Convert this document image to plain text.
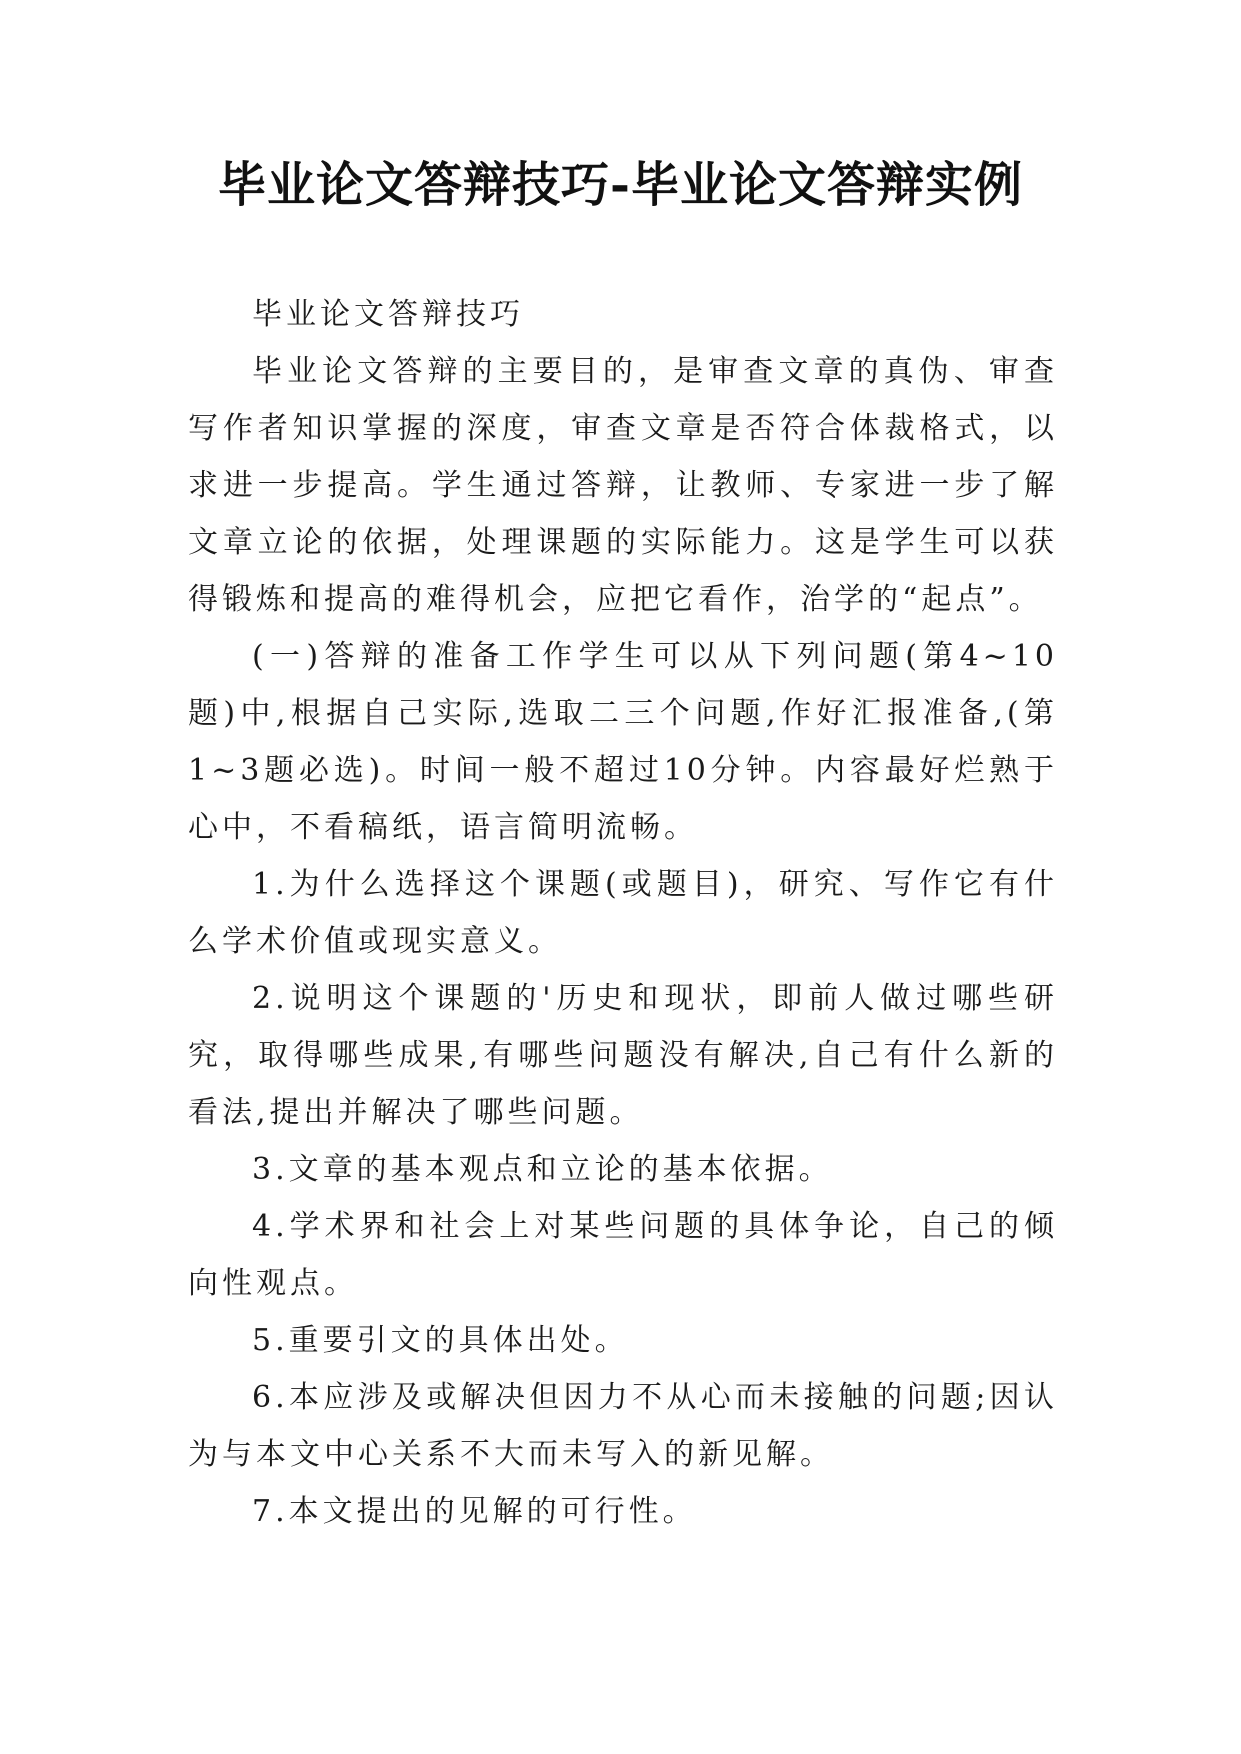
毕业论文答辩技巧-毕业论文答辩实例

毕业论文答辩技巧

毕业论文答辩的主要目的，是审查文章的真伪、审查写作者知识掌握的深度，审查文章是否符合体裁格式，以求进一步提高。学生通过答辩，让教师、专家进一步了解文章立论的依据，处理课题的实际能力。这是学生可以获得锻炼和提高的难得机会，应把它看作，治学的“起点”。

(一)答辩的准备工作学生可以从下列问题(第4~10题)中,根据自己实际,选取二三个问题,作好汇报准备,(第1~3题必选)。时间一般不超过10分钟。内容最好烂熟于心中，不看稿纸，语言简明流畅。

1.为什么选择这个课题(或题目)，研究、写作它有什么学术价值或现实意义。

2.说明这个课题的'历史和现状，即前人做过哪些研究，取得哪些成果,有哪些问题没有解决,自己有什么新的看法,提出并解决了哪些问题。

3.文章的基本观点和立论的基本依据。

4.学术界和社会上对某些问题的具体争论，自己的倾向性观点。

5.重要引文的具体出处。

6.本应涉及或解决但因力不从心而未接触的问题;因认为与本文中心关系不大而未写入的新见解。

7.本文提出的见解的可行性。
